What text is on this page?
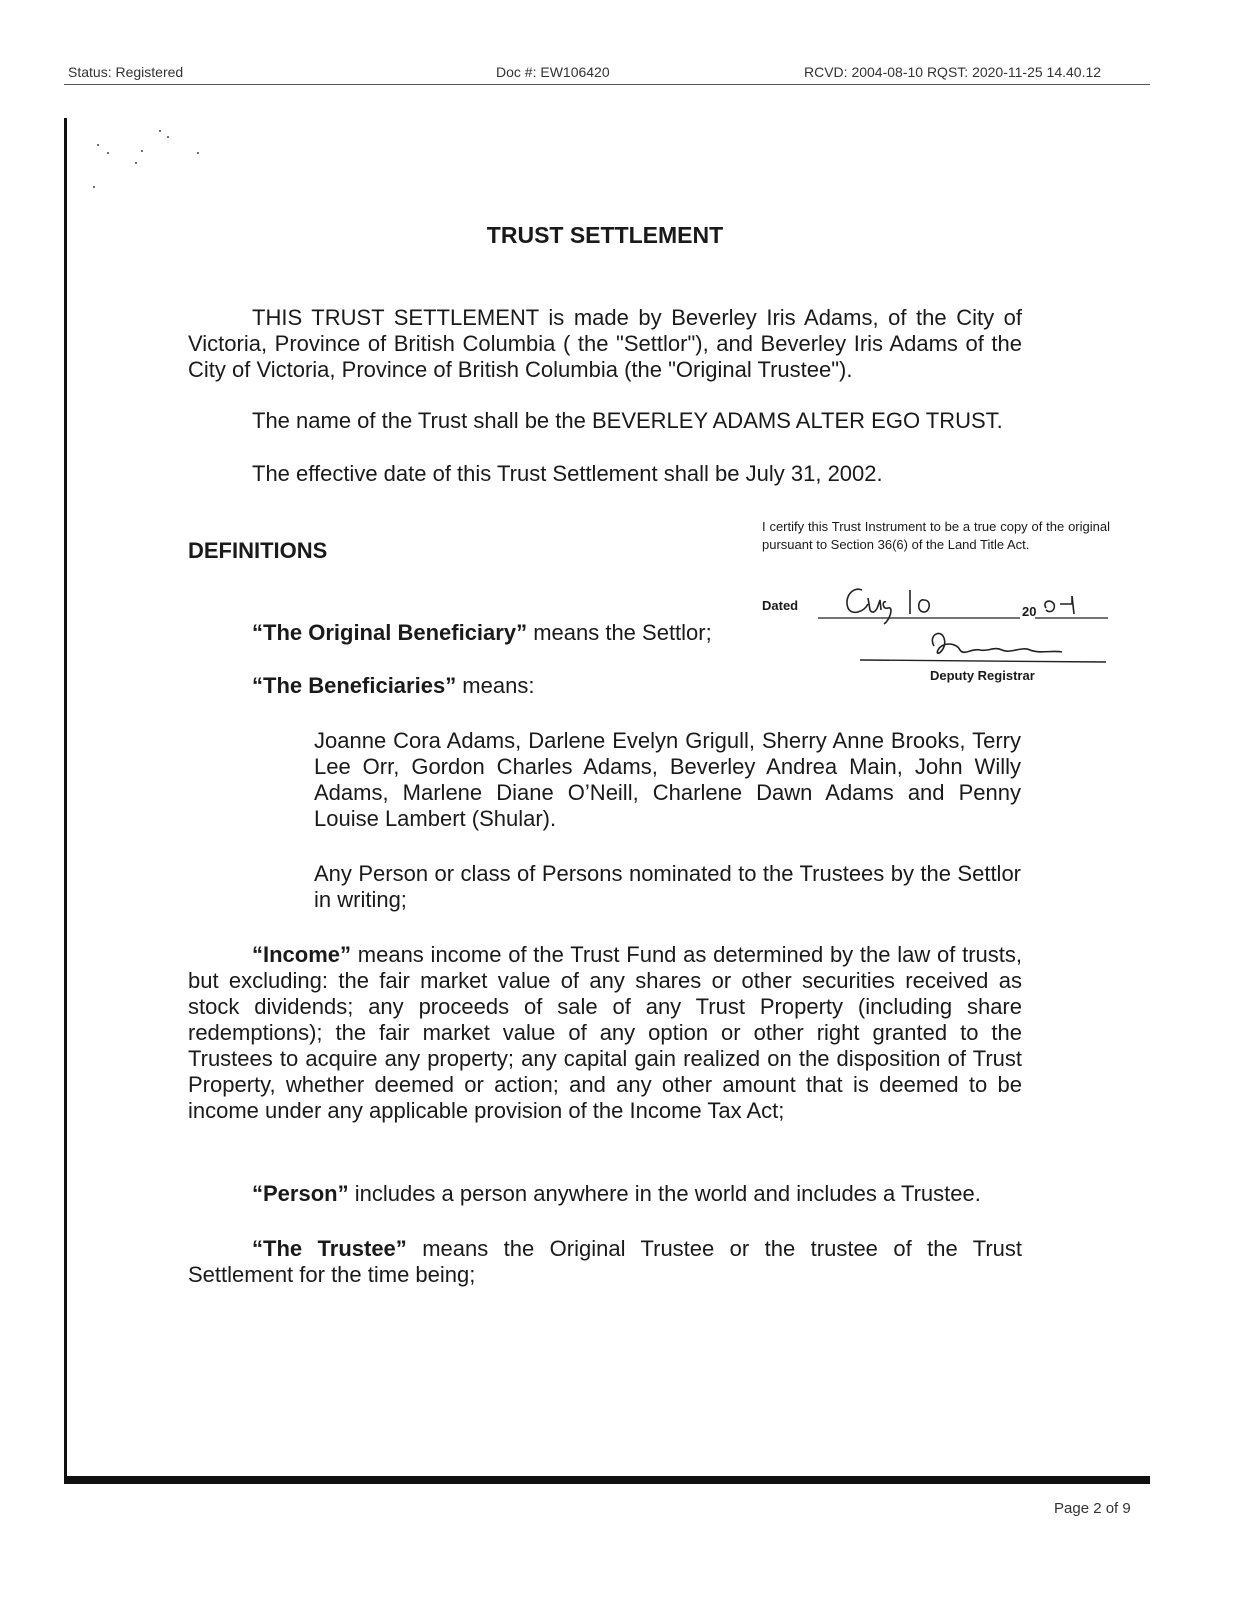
Status: Registered	Doc #: EW106420	RCVD: 2004-08-10 RQST: 2020-11-25 14.40.12
TRUST SETTLEMENT

THIS TRUST SETTLEMENT is made by Beverley Iris Adams, of the City of Victoria, Province of British Columbia ( the "Settlor"), and Beverley Iris Adams of the City of Victoria, Province of British Columbia (the "Original Trustee").

The name of the Trust shall be the BEVERLEY ADAMS ALTER EGO TRUST.

The effective date of this Trust Settlement shall be July 31, 2002.

DEFINITIONS

I certify this Trust Instrument to be a true copy of the original pursuant to Section 36(6) of the Land Title Act.

Dated	20
Deputy Registrar

“The Original Beneficiary” means the Settlor;

“The Beneficiaries” means:

Joanne Cora Adams, Darlene Evelyn Grigull, Sherry Anne Brooks, Terry Lee Orr, Gordon Charles Adams, Beverley Andrea Main, John Willy Adams, Marlene Diane O’Neill, Charlene Dawn Adams and Penny Louise Lambert (Shular).

Any Person or class of Persons nominated to the Trustees by the Settlor in writing;

“Income” means income of the Trust Fund as determined by the law of trusts, but excluding: the fair market value of any shares or other securities received as stock dividends; any proceeds of sale of any Trust Property (including share redemptions); the fair market value of any option or other right granted to the Trustees to acquire any property; any capital gain realized on the disposition of Trust Property, whether deemed or action; and any other amount that is deemed to be income under any applicable provision of the Income Tax Act;

“Person” includes a person anywhere in the world and includes a Trustee.

“The Trustee” means the Original Trustee or the trustee of the Trust Settlement for the time being;

Page 2 of 9
